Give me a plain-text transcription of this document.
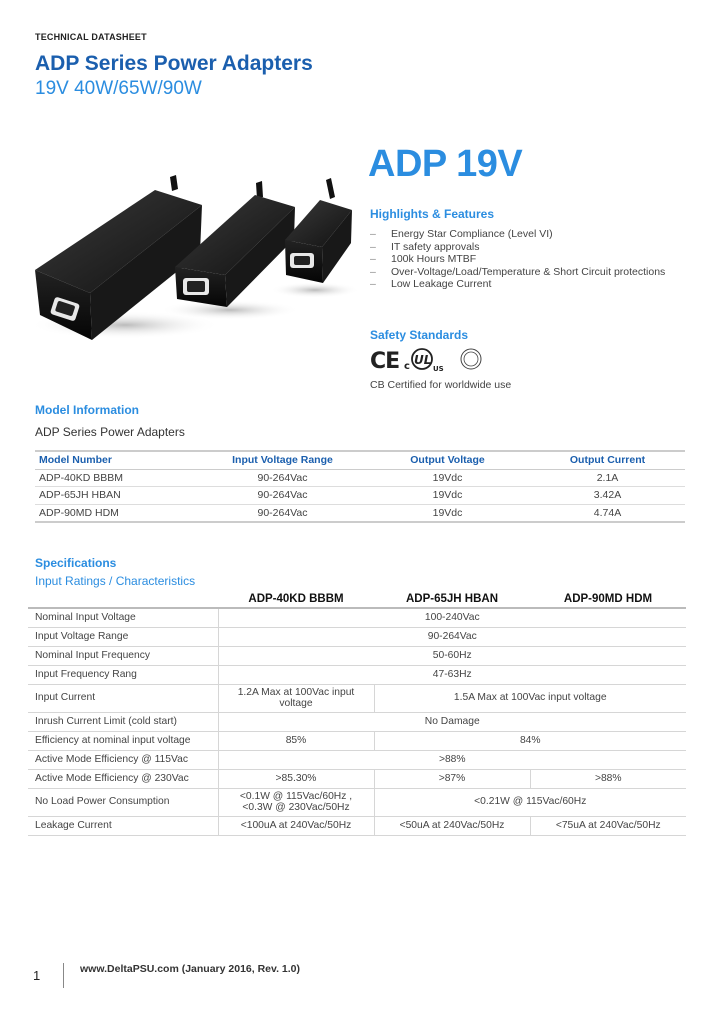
TECHNICAL DATASHEET
ADP Series Power Adapters
19V 40W/65W/90W
ADP 19V
Highlights & Features
– Energy Star Compliance (Level VI)
– IT safety approvals
– 100k Hours MTBF
– Over-Voltage/Load/Temperature & Short Circuit protections
– Low Leakage Current
Safety Standards
CE c UL
US
CB Certified for worldwide use
Model Information
ADP Series Power Adapters
Model Number	Input Voltage Range	Output Voltage	Output Current
ADP-40KD BBBM	90-264Vac	19Vdc	2.1A
ADP-65JH HBAN	90-264Vac	19Vdc	3.42A
ADP-90MD HDM	90-264Vac	19Vdc	4.74A
Specifications
Input Ratings / Characteristics
	ADP-40KD BBBM	ADP-65JH HBAN	ADP-90MD HDM
Nominal Input Voltage	100-240Vac		
Input Voltage Range	90-264Vac		
Nominal Input Frequency	50-60Hz		
Input Frequency Rang	47-63Hz		
Input Current	1.2A Max at 100Vac input voltage	1.5A Max at 100Vac input voltage	
Inrush Current Limit (cold start)	No Damage		
Efficiency at nominal input voltage	85%	84%	
Active Mode Efficiency @ 115Vac	>88%		
Active Mode Efficiency @ 230Vac	>85.30%	>87%	>88%
No Load Power Consumption	<0.1W @ 115Vac/60Hz ,
<0.3W @ 230Vac/50Hz	<0.21W @ 115Vac/60Hz	
Leakage Current	<100uA at 240Vac/50Hz	<50uA at 240Vac/50Hz	<75uA at 240Vac/50Hz
1	www.DeltaPSU.com (January 2016, Rev. 1.0)
